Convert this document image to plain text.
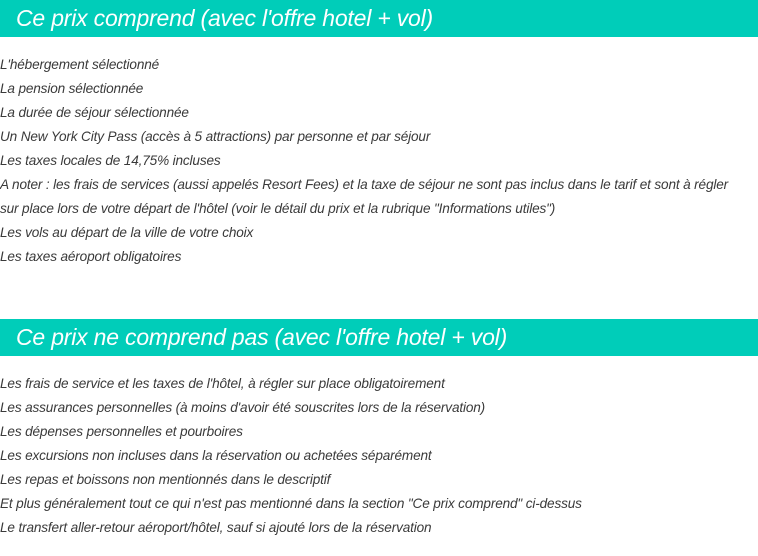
Ce prix comprend (avec l'offre hotel + vol)
L'hébergement sélectionné
La pension sélectionnée
La durée de séjour sélectionnée
Un New York City Pass (accès à 5 attractions) par personne et par séjour
Les taxes locales de 14,75% incluses
A noter : les frais de services (aussi appelés Resort Fees) et la taxe de séjour ne sont pas inclus dans le tarif et sont à régler
sur place lors de votre départ de l'hôtel (voir le détail du prix et la rubrique "Informations utiles")
Les vols au départ de la ville de votre choix
Les taxes aéroport obligatoires
Ce prix ne comprend pas (avec l'offre hotel + vol)
Les frais de service et les taxes de l'hôtel, à régler sur place obligatoirement
Les assurances personnelles (à moins d'avoir été souscrites lors de la réservation)
Les dépenses personnelles et pourboires
Les excursions non incluses dans la réservation ou achetées séparément
Les repas et boissons non mentionnés dans le descriptif
Et plus généralement tout ce qui n'est pas mentionné dans la section "Ce prix comprend" ci-dessus
Le transfert aller-retour aéroport/hôtel, sauf si ajouté lors de la réservation
